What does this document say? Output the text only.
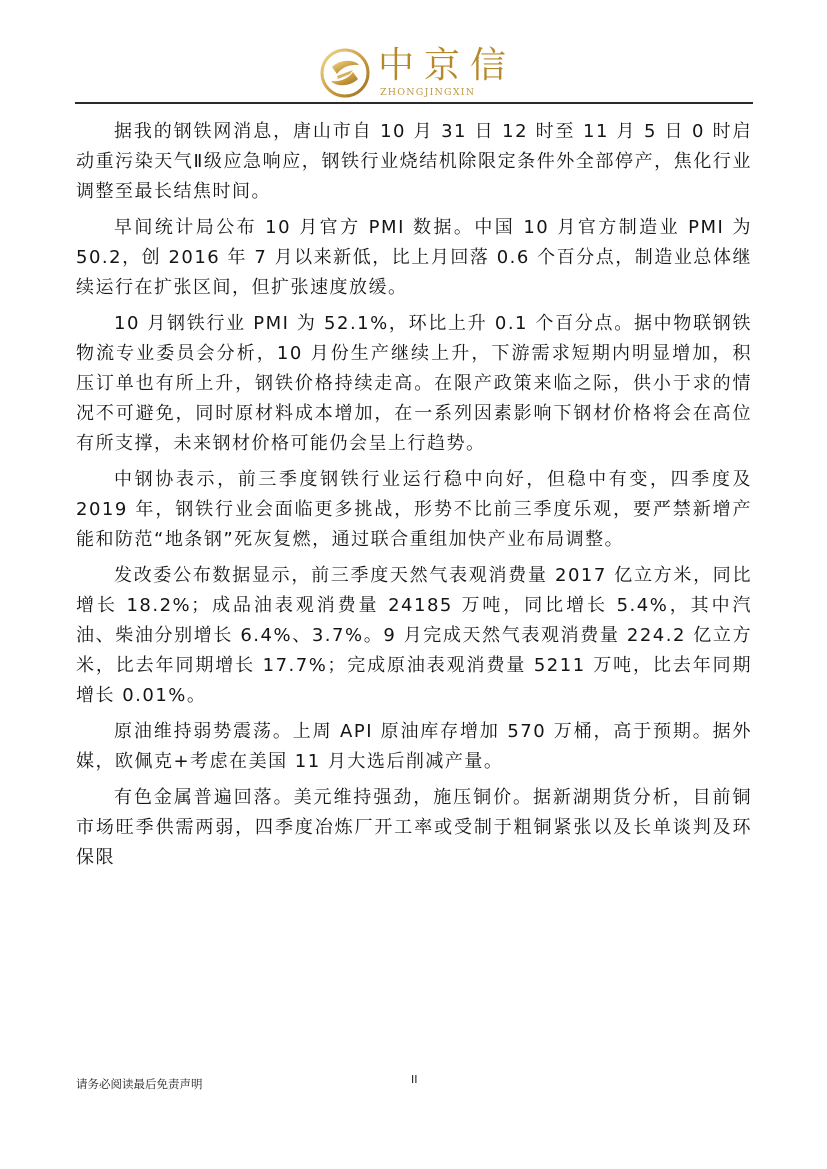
中京信
ZHONGJINGXIN

据我的钢铁网消息，唐山市自 10 月 31 日 12 时至 11 月 5 日 0 时启动重污染天气Ⅱ级应急响应，钢铁行业烧结机除限定条件外全部停产，焦化行业调整至最长结焦时间。

早间统计局公布 10 月官方 PMI 数据。中国 10 月官方制造业 PMI 为 50.2，创 2016 年 7 月以来新低，比上月回落 0.6 个百分点，制造业总体继续运行在扩张区间，但扩张速度放缓。

10 月钢铁行业 PMI 为 52.1%，环比上升 0.1 个百分点。据中物联钢铁物流专业委员会分析，10 月份生产继续上升，下游需求短期内明显增加，积压订单也有所上升，钢铁价格持续走高。在限产政策来临之际，供小于求的情况不可避免，同时原材料成本增加，在一系列因素影响下钢材价格将会在高位有所支撑，未来钢材价格可能仍会呈上行趋势。

中钢协表示，前三季度钢铁行业运行稳中向好，但稳中有变，四季度及 2019 年，钢铁行业会面临更多挑战，形势不比前三季度乐观，要严禁新增产能和防范“地条钢”死灰复燃，通过联合重组加快产业布局调整。

发改委公布数据显示，前三季度天然气表观消费量 2017 亿立方米，同比增长 18.2%；成品油表观消费量 24185 万吨，同比增长 5.4%，其中汽油、柴油分别增长 6.4%、3.7%。9 月完成天然气表观消费量 224.2 亿立方米，比去年同期增长 17.7%；完成原油表观消费量 5211 万吨，比去年同期增长 0.01%。

原油维持弱势震荡。上周 API 原油库存增加 570 万桶，高于预期。据外媒，欧佩克+考虑在美国 11 月大选后削减产量。

有色金属普遍回落。美元维持强劲，施压铜价。据新湖期货分析，目前铜市场旺季供需两弱，四季度冶炼厂开工率或受制于粗铜紧张以及长单谈判及环保限

请务必阅读最后免责声明	II
